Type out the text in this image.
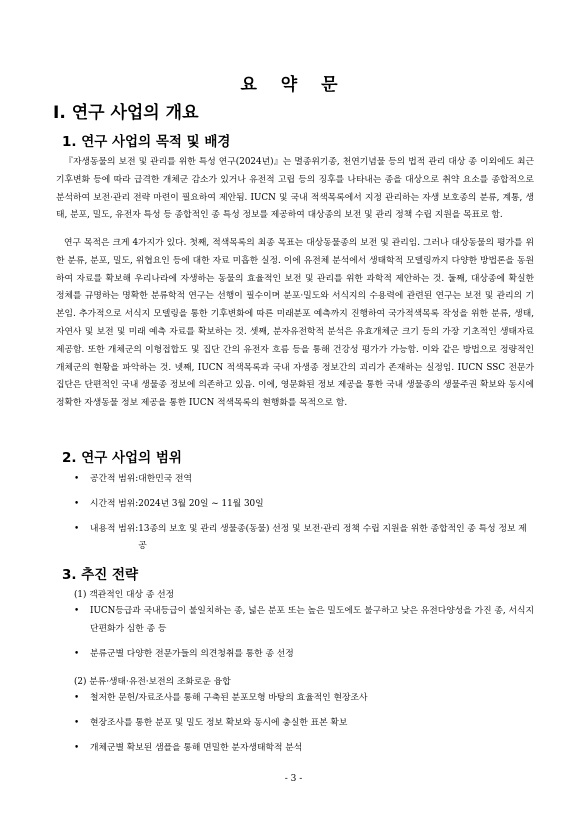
요 약 문
I. 연구 사업의 개요
1. 연구 사업의 목적 및 배경

『자생동물의 보전 및 관리를 위한 특성 연구(2024년)』는 멸종위기종, 천연기념물 등의 법적 관리 대상 종 이외에도 최근 기후변화 등에 따라 급격한 개체군 감소가 있거나 유전적 고립 등의 징후를 나타내는 종을 대상으로 취약 요소를 종합적으로 분석하여 보전·관리 전략 마련이 필요하여 제안됨. IUCN 및 국내 적색목록에서 지정 관리하는 자생 보호종의 분류, 계통, 생태, 분포, 밀도, 유전자 특성 등 종합적인 종 특성 정보를 제공하여 대상종의 보전 및 관리 정책 수립 지원을 목표로 함.

연구 목적은 크게 4가지가 있다. 첫째, 적색목록의 최종 목표는 대상동물종의 보전 및 관리임. 그러나 대상동물의 평가를 위한 분류, 분포, 밀도, 위협요인 등에 대한 자료 미흡한 실정. 이에 유전체 분석에서 생태학적 모델링까지 다양한 방법론을 동원하여 자료를 확보해 우리나라에 자생하는 동물의 효율적인 보전 및 관리를 위한 과학적 제안하는 것. 둘째, 대상종에 확실한 정체를 규명하는 명확한 분류학적 연구는 선행이 필수이며 분포·밀도와 서식지의 수용력에 관련된 연구는 보전 및 관리의 기본임. 추가적으로 서식지 모델링을 통한 기후변화에 따른 미래분포 예측까지 진행하여 국가적색목록 작성을 위한 분류, 생태, 자연사 및 보전 및 미래 예측 자료를 확보하는 것. 셋째, 분자유전학적 분석은 유효개체군 크기 등의 가장 기초적인 생태자료 제공함. 또한 개체군의 이형접합도 및 집단 간의 유전자 흐름 등을 통해 건강성 평가가 가능함. 이와 같은 방법으로 정량적인 개체군의 현황을 파악하는 것. 넷째, IUCN 적색목록과 국내 자생종 정보간의 괴리가 존재하는 실정임. IUCN SSC 전문가 집단은 단편적인 국내 생물종 정보에 의존하고 있음. 이에, 영문화된 정보 제공을 통한 국내 생물종의 생물주권 확보와 동시에 정확한 자생동물 정보 제공을 통한 IUCN 적색목록의 현행화를 목적으로 함.

2. 연구 사업의 범위
• 공간적 범위: 대한민국 전역
• 시간적 범위: 2024년 3월 20일 ~ 11월 30일
• 내용적 범위: 13종의 보호 및 관리 생물종(동물) 선정 및 보전·관리 정책 수립 지원을 위한 종합적인 종 특성 정보 제공
3. 추진 전략
(1) 객관적인 대상 종 선정
• IUCN등급과 국내등급이 불일치하는 종, 넓은 분포 또는 높은 밀도에도 불구하고 낮은 유전다양성을 가진 종, 서식지 단편화가 심한 종 등
• 분류군별 다양한 전문가들의 의견청취를 통한 종 선정
(2) 분류·생태·유전·보전의 조화로운 융합
• 철저한 문헌/자료조사를 통해 구축된 분포모형 바탕의 효율적인 현장조사
• 현장조사를 통한 분포 및 밀도 정보 확보와 동시에 충실한 표본 확보
• 개체군별 확보된 샘플을 통해 면밀한 분자생태학적 분석
- 3 -
